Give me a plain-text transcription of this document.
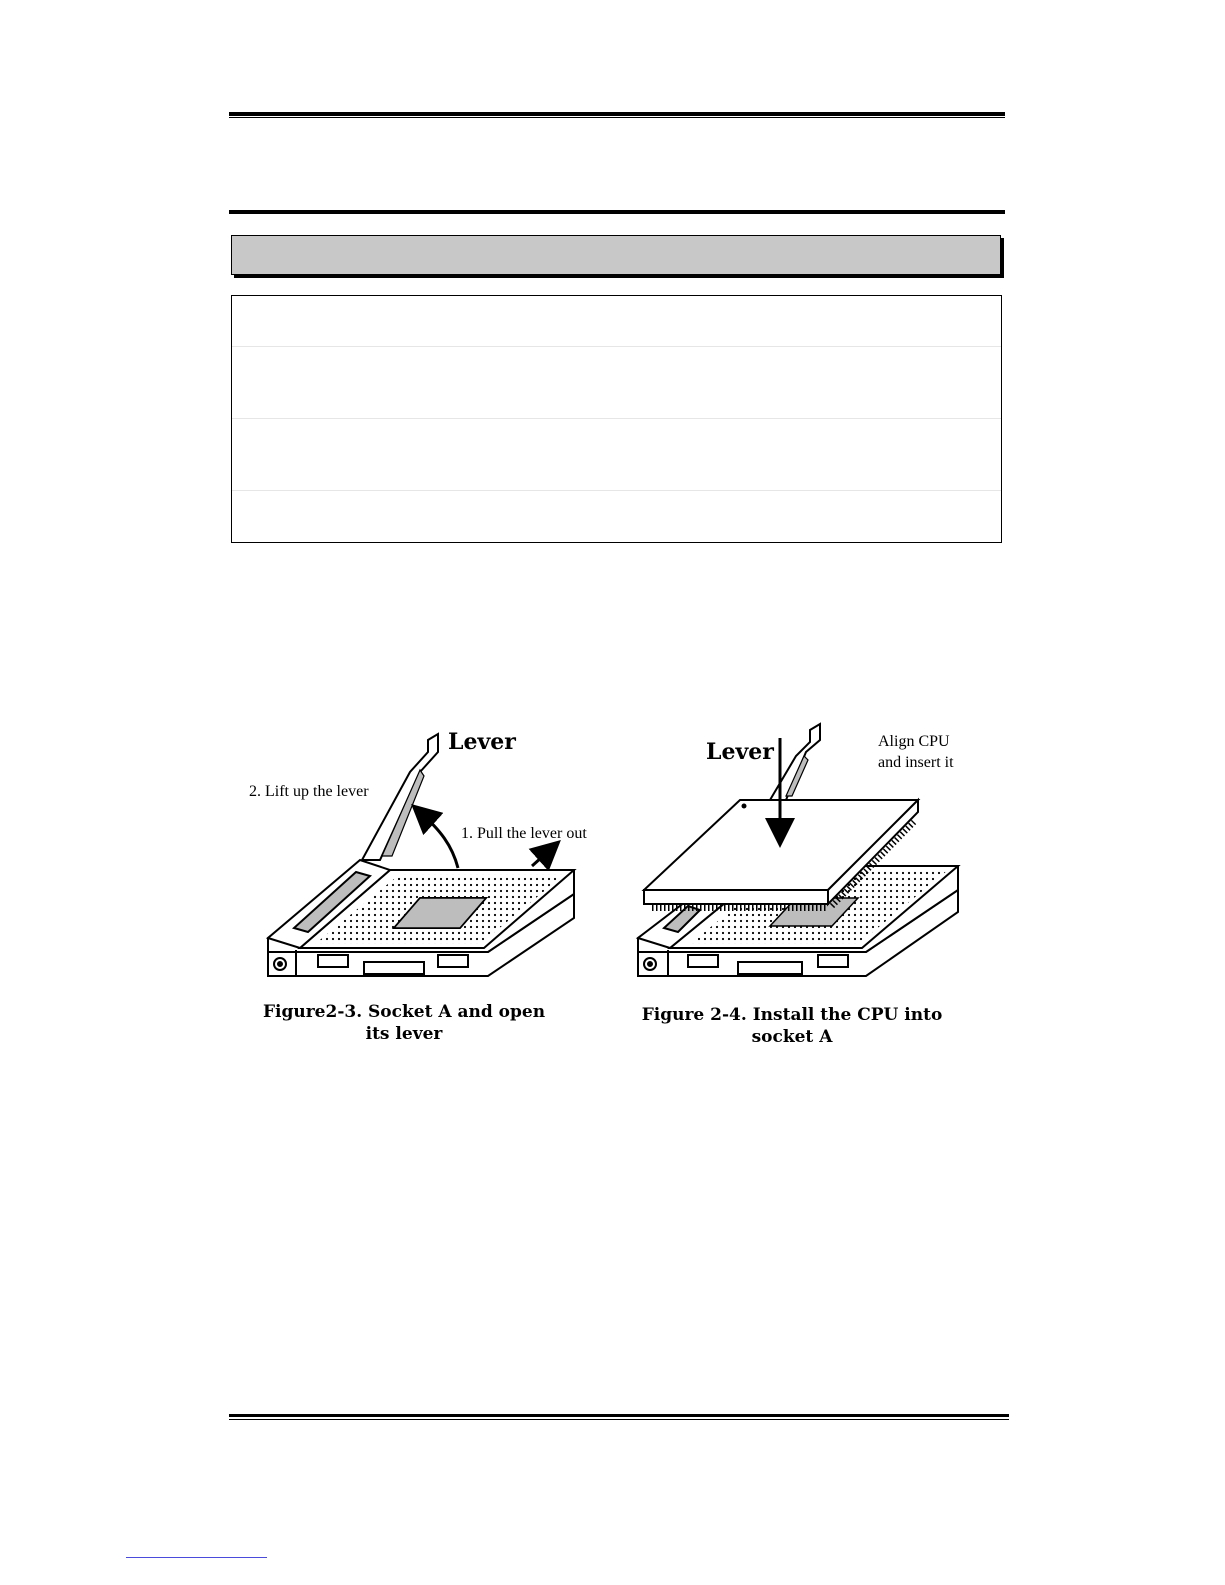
Lever
2. Lift up the lever
1. Pull the lever out
Lever	Align CPU
and insert it
Figure2-3. Socket A and open
its lever
Figure 2-4. Install the CPU into
socket A
